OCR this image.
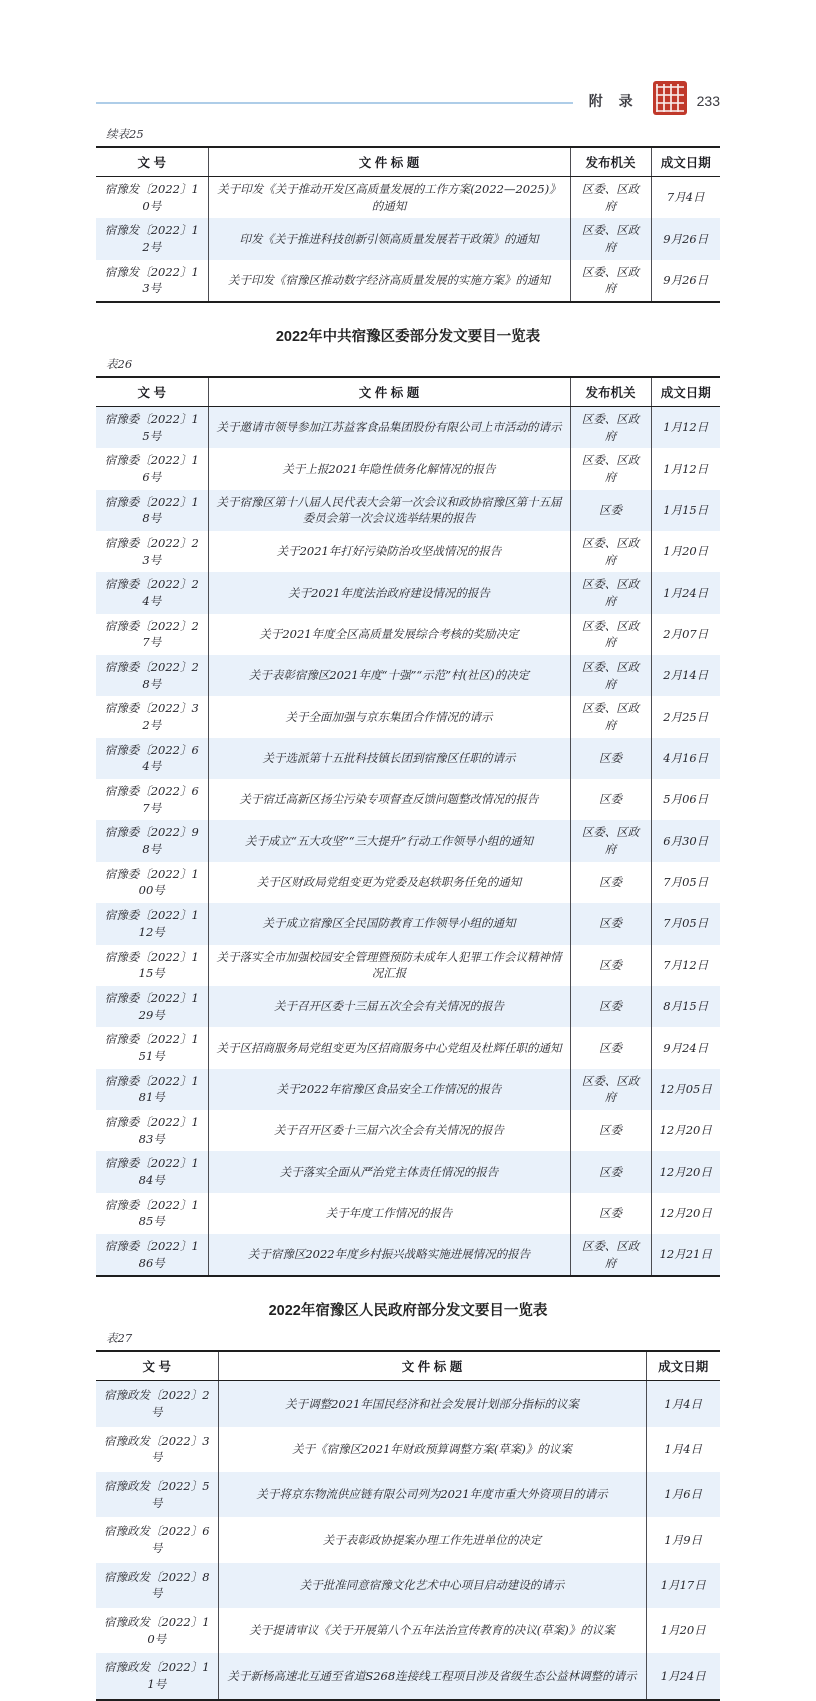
附 录	233
续表25
文 号	文 件 标 题	发布机关	成文日期
宿豫发〔2022〕10号	关于印发《关于推动开发区高质量发展的工作方案(2022—2025)》的通知	区委、区政府	7月4日
宿豫发〔2022〕12号	印发《关于推进科技创新引领高质量发展若干政策》的通知	区委、区政府	9月26日
宿豫发〔2022〕13号	关于印发《宿豫区推动数字经济高质量发展的实施方案》的通知	区委、区政府	9月26日
2022年中共宿豫区委部分发文要目一览表
表26
文 号	文 件 标 题	发布机关	成文日期
宿豫委〔2022〕15号	关于邀请市领导参加江苏益客食品集团股份有限公司上市活动的请示	区委、区政府	1月12日
宿豫委〔2022〕16号	关于上报2021年隐性债务化解情况的报告	区委、区政府	1月12日
宿豫委〔2022〕18号	关于宿豫区第十八届人民代表大会第一次会议和政协宿豫区第十五届委员会第一次会议选举结果的报告	区委	1月15日
宿豫委〔2022〕23号	关于2021年打好污染防治攻坚战情况的报告	区委、区政府	1月20日
宿豫委〔2022〕24号	关于2021年度法治政府建设情况的报告	区委、区政府	1月24日
宿豫委〔2022〕27号	关于2021年度全区高质量发展综合考核的奖励决定	区委、区政府	2月07日
宿豫委〔2022〕28号	关于表彰宿豫区2021年度“十强”“示范”村(社区)的决定	区委、区政府	2月14日
宿豫委〔2022〕32号	关于全面加强与京东集团合作情况的请示	区委、区政府	2月25日
宿豫委〔2022〕64号	关于选派第十五批科技镇长团到宿豫区任职的请示	区委	4月16日
宿豫委〔2022〕67号	关于宿迁高新区扬尘污染专项督查反馈问题整改情况的报告	区委	5月06日
宿豫委〔2022〕98号	关于成立“五大攻坚”“三大提升”行动工作领导小组的通知	区委、区政府	6月30日
宿豫委〔2022〕100号	关于区财政局党组变更为党委及赵轶职务任免的通知	区委	7月05日
宿豫委〔2022〕112号	关于成立宿豫区全民国防教育工作领导小组的通知	区委	7月05日
宿豫委〔2022〕115号	关于落实全市加强校园安全管理暨预防未成年人犯罪工作会议精神情况汇报	区委	7月12日
宿豫委〔2022〕129号	关于召开区委十三届五次全会有关情况的报告	区委	8月15日
宿豫委〔2022〕151号	关于区招商服务局党组变更为区招商服务中心党组及杜辉任职的通知	区委	9月24日
宿豫委〔2022〕181号	关于2022年宿豫区食品安全工作情况的报告	区委、区政府	12月05日
宿豫委〔2022〕183号	关于召开区委十三届六次全会有关情况的报告	区委	12月20日
宿豫委〔2022〕184号	关于落实全面从严治党主体责任情况的报告	区委	12月20日
宿豫委〔2022〕185号	关于年度工作情况的报告	区委	12月20日
宿豫委〔2022〕186号	关于宿豫区2022年度乡村振兴战略实施进展情况的报告	区委、区政府	12月21日
2022年宿豫区人民政府部分发文要目一览表
表27
文 号	文 件 标 题	成文日期
宿豫政发〔2022〕2号	关于调整2021年国民经济和社会发展计划部分指标的议案	1月4日
宿豫政发〔2022〕3号	关于《宿豫区2021年财政预算调整方案(草案)》的议案	1月4日
宿豫政发〔2022〕5号	关于将京东物流供应链有限公司列为2021年度市重大外资项目的请示	1月6日
宿豫政发〔2022〕6号	关于表彰政协提案办理工作先进单位的决定	1月9日
宿豫政发〔2022〕8号	关于批准同意宿豫文化艺术中心项目启动建设的请示	1月17日
宿豫政发〔2022〕10号	关于提请审议《关于开展第八个五年法治宣传教育的决议(草案)》的议案	1月20日
宿豫政发〔2022〕11号	关于新杨高速北互通至省道S268连接线工程项目涉及省级生态公益林调整的请示	1月24日
